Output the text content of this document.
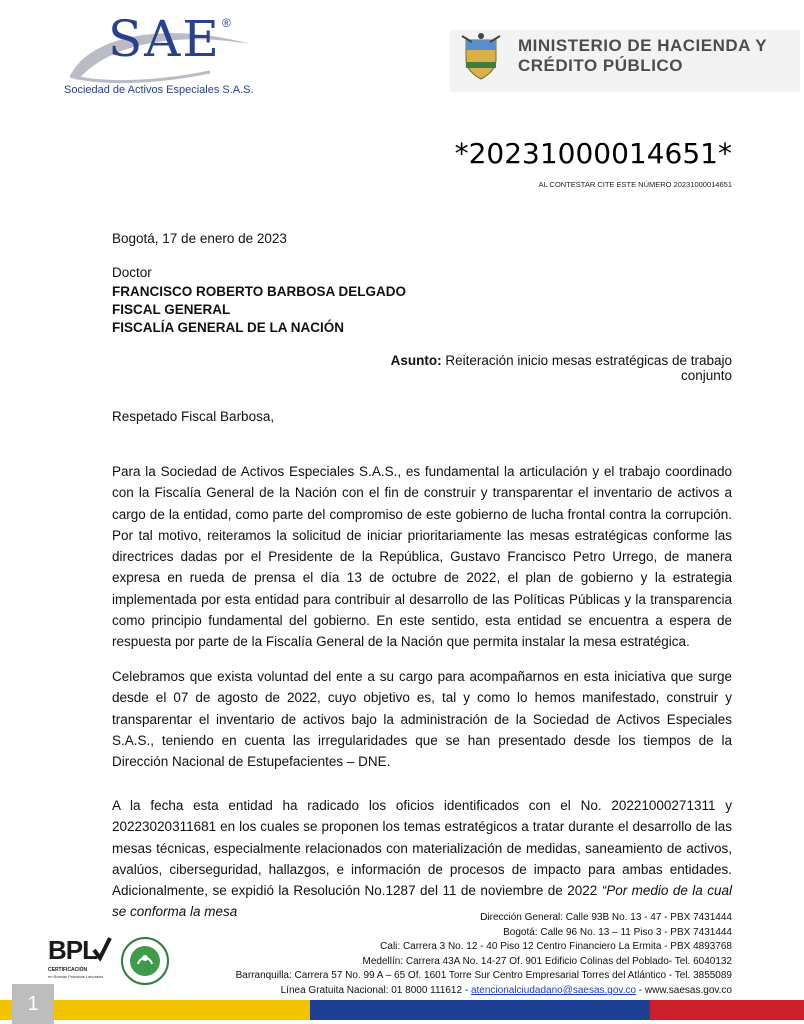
SAE ®
Sociedad de Activos Especiales S.A.S.
MINISTERIO DE HACIENDA Y
CRÉDITO PÚBLICO
*20231000014651*
AL CONTESTAR CITE ESTE NÚMERO 20231000014651
Bogotá, 17 de enero de 2023
Doctor
FRANCISCO ROBERTO BARBOSA DELGADO
FISCAL GENERAL
FISCALÍA GENERAL DE LA NACIÓN
Asunto: Reiteración inicio mesas estratégicas de trabajo conjunto
Respetado Fiscal Barbosa,
Para la Sociedad de Activos Especiales S.A.S., es fundamental la articulación y el trabajo coordinado con la Fiscalía General de la Nación con el fin de construir y transparentar el inventario de activos a cargo de la entidad, como parte del compromiso de este gobierno de lucha frontal contra la corrupción. Por tal motivo, reiteramos la solicitud de iniciar prioritariamente las mesas estratégicas conforme las directrices dadas por el Presidente de la República, Gustavo Francisco Petro Urrego, de manera expresa en rueda de prensa el día 13 de octubre de 2022, el plan de gobierno y la estrategia implementada por esta entidad para contribuir al desarrollo de las Políticas Públicas y la transparencia como principio fundamental del gobierno. En este sentido, esta entidad se encuentra a espera de respuesta por parte de la Fiscalía General de la Nación que permita instalar la mesa estratégica.
Celebramos que exista voluntad del ente a su cargo para acompañarnos en esta iniciativa que surge desde el 07 de agosto de 2022, cuyo objetivo es, tal y como lo hemos manifestado, construir y transparentar el inventario de activos bajo la administración de la Sociedad de Activos Especiales S.A.S., teniendo en cuenta las irregularidades que se han presentado desde los tiempos de la Dirección Nacional de Estupefacientes – DNE.
A la fecha esta entidad ha radicado los oficios identificados con el No. 20221000271311 y 20223020311681 en los cuales se proponen los temas estratégicos a tratar durante el desarrollo de las mesas técnicas, especialmente relacionados con materialización de medidas, saneamiento de activos, avalúos, ciberseguridad, hallazgos, e información de procesos de impacto para ambas entidades. Adicionalmente, se expidió la Resolución No.1287 del 11 de noviembre de 2022 “Por medio de la cual se conforma la mesa	Dirección General: Calle 93B No. 13 - 47 - PBX 7431444
Bogotá: Calle 96 No. 13 – 11 Piso 3 - PBX 7431444
Cali: Carrera 3 No. 12 - 40 Piso 12 Centro Financiero La Ermita - PBX 4893768
Medellín: Carrera 43A No. 14-27 Of. 901 Edificio Colinas del Poblado- Tel. 6040132
Barranquilla: Carrera 57 No. 99 A – 65 Of. 1601 Torre Sur Centro Empresarial Torres del Atlántico - Tel. 3855089
Línea Gratuita Nacional: 01 8000 111612 - atencionalciudadano@saesas.gov.co - www.saesas.gov.co
BPL
CERTIFICACIÓN
en Buenas Prácticas Laborales
1
